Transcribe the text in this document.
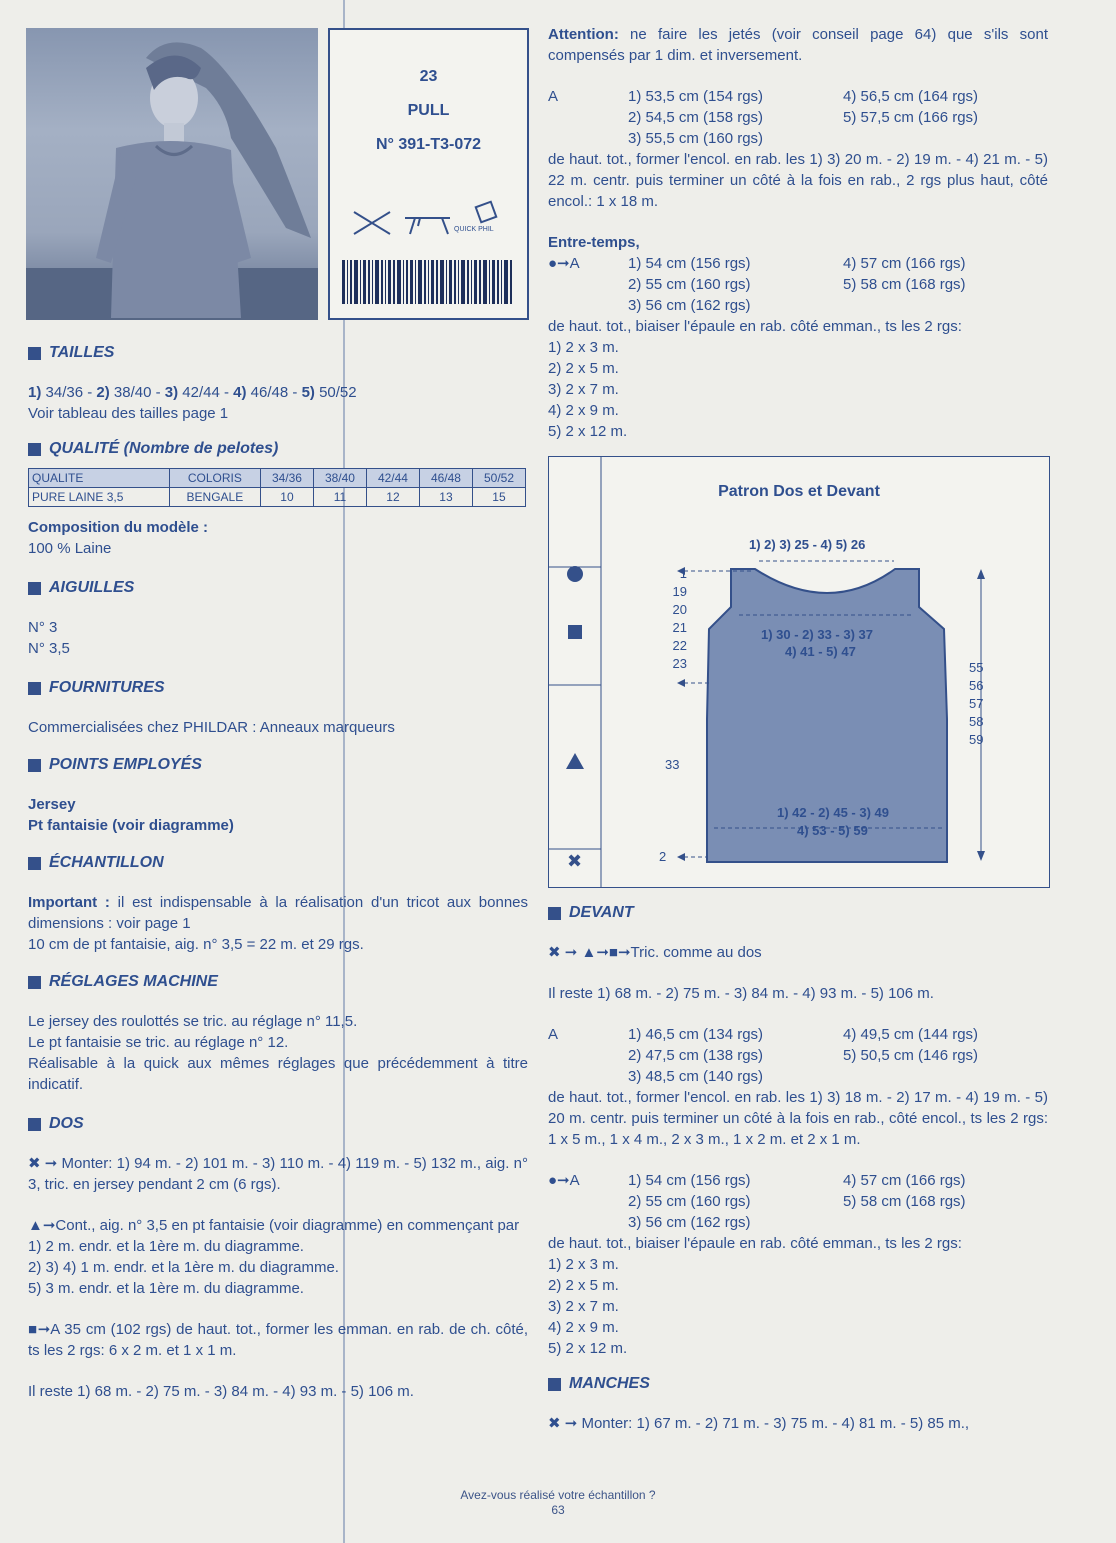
23
PULL
N° 391-T3-072
QUICK PHIL
TAILLES

1) 34/36 - 2) 38/40 - 3) 42/44 - 4) 46/48 - 5) 50/52

Voir tableau des tailles page 1

QUALITÉ (Nombre de pelotes)
QUALITE	COLORIS	34/36	38/40	42/44	46/48	50/52
PURE LAINE 3,5	BENGALE	10	11	12	13	15

Composition du modèle :

100 % Laine

AIGUILLES

N° 3

N° 3,5

FOURNITURES

Commercialisées chez PHILDAR : Anneaux marqueurs

POINTS EMPLOYÉS

Jersey

Pt fantaisie (voir diagramme)

ÉCHANTILLON

Important : il est indispensable à la réalisation d'un tricot aux bonnes dimensions : voir page 1

10 cm de pt fantaisie, aig. n° 3,5 = 22 m. et 29 rgs.

RÉGLAGES MACHINE

Le jersey des roulottés se tric. au réglage n° 11,5.

Le pt fantaisie se tric. au réglage n° 12.

Réalisable à la quick aux mêmes réglages que précédemment à titre indicatif.

DOS

✖ ➞ Monter: 1) 94 m. - 2) 101 m. - 3) 110 m. - 4) 119 m. - 5) 132 m., aig. n° 3, tric. en jersey pendant 2 cm (6 rgs).

▲➞Cont., aig. n° 3,5 en pt fantaisie (voir diagramme) en commençant par

1) 2 m. endr. et la 1ère m. du diagramme.

2) 3) 4) 1 m. endr. et la 1ère m. du diagramme.

5) 3 m. endr. et la 1ère m. du diagramme.

■➞A 35 cm (102 rgs) de haut. tot., former les emman. en rab. de ch. côté, ts les 2 rgs: 6 x 2 m. et 1 x 1 m.

Il reste 1) 68 m. - 2) 75 m. - 3) 84 m. - 4) 93 m. - 5) 106 m.

Attention: ne faire les jetés (voir conseil page 64) que s'ils sont compensés par 1 dim. et inversement.

A	1) 53,5 cm (154 rgs)	4) 56,5 cm (164 rgs)
2) 54,5 cm (158 rgs)	5) 57,5 cm (166 rgs)
3) 55,5 cm (160 rgs)

de haut. tot., former l'encol. en rab. les 1) 3) 20 m. - 2) 19 m. - 4) 21 m. - 5) 22 m. centr. puis terminer un côté à la fois en rab., 2 rgs plus haut, côté encol.: 1 x 18 m.

Entre-temps,

●➞A	1) 54 cm (156 rgs)	4) 57 cm (166 rgs)
2) 55 cm (160 rgs)	5) 58 cm (168 rgs)
3) 56 cm (162 rgs)

de haut. tot., biaiser l'épaule en rab. côté emman., ts les 2 rgs:

1) 2 x 3 m.

2) 2 x 5 m.

3) 2 x 7 m.

4) 2 x 9 m.

5) 2 x 12 m.

✖
Patron Dos et Devant
1) 2) 3) 25 - 4) 5) 26
1) 30 - 2) 33 - 3) 37
4) 41 - 5) 47
1) 42 - 2) 45 - 3) 49
4) 53 - 5) 59
1
19
20
21
22
23
33
2
55
56
57
58
59
DEVANT

✖ ➞ ▲➞■➞Tric. comme au dos

Il reste 1) 68 m. - 2) 75 m. - 3) 84 m. - 4) 93 m. - 5) 106 m.

A	1) 46,5 cm (134 rgs)	4) 49,5 cm (144 rgs)
2) 47,5 cm (138 rgs)	5) 50,5 cm (146 rgs)
3) 48,5 cm (140 rgs)

de haut. tot., former l'encol. en rab. les 1) 3) 18 m. - 2) 17 m. - 4) 19 m. - 5) 20 m. centr. puis terminer un côté à la fois en rab., côté encol., ts les 2 rgs: 1 x 5 m., 1 x 4 m., 2 x 3 m., 1 x 2 m. et 2 x 1 m.

●➞A	1) 54 cm (156 rgs)	4) 57 cm (166 rgs)
2) 55 cm (160 rgs)	5) 58 cm (168 rgs)
3) 56 cm (162 rgs)

de haut. tot., biaiser l'épaule en rab. côté emman., ts les 2 rgs:

1) 2 x 3 m.

2) 2 x 5 m.

3) 2 x 7 m.

4) 2 x 9 m.

5) 2 x 12 m.

MANCHES

✖ ➞ Monter: 1) 67 m. - 2) 71 m. - 3) 75 m. - 4) 81 m. - 5) 85 m.,

Avez-vous réalisé votre échantillon ?
63
